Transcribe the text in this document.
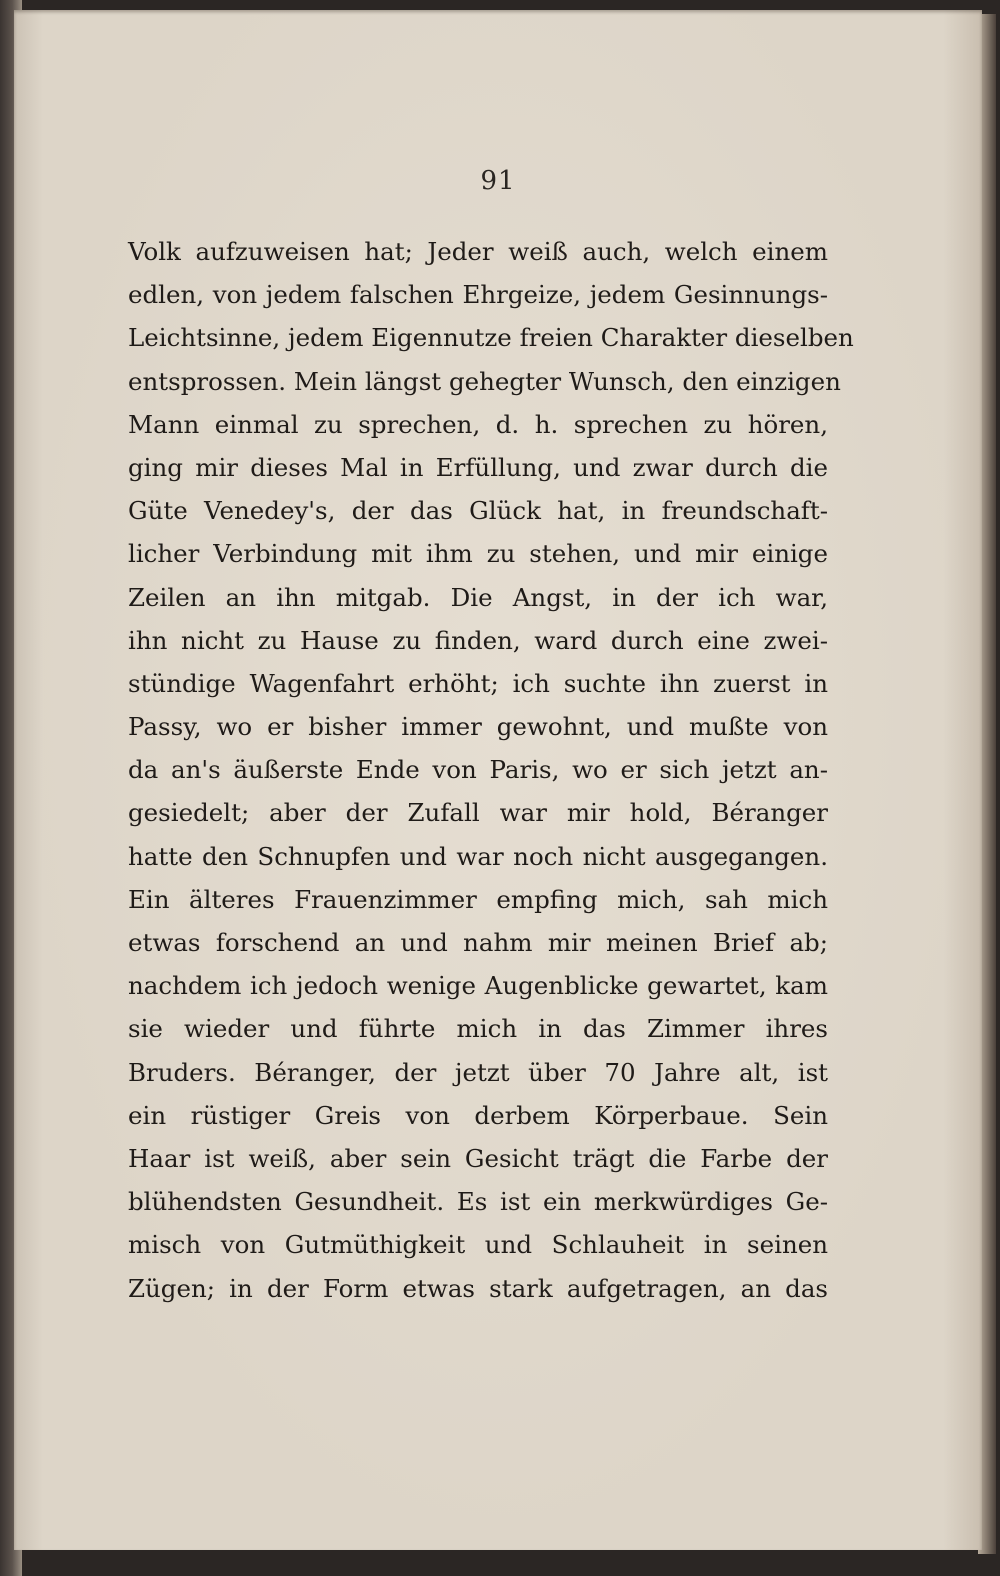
91
Volk aufzuweisen hat; Jeder weiß auch, welch einem
edlen, von jedem falschen Ehrgeize, jedem Gesinnungs-
Leichtsinne, jedem Eigennutze freien Charakter dieselben
entsprossen. Mein längst gehegter Wunsch, den einzigen
Mann einmal zu sprechen, d. h. sprechen zu hören,
ging mir dieses Mal in Erfüllung, und zwar durch die
Güte Venedey's, der das Glück hat, in freundschaft-
licher Verbindung mit ihm zu stehen, und mir einige
Zeilen an ihn mitgab. Die Angst, in der ich war,
ihn nicht zu Hause zu finden, ward durch eine zwei-
stündige Wagenfahrt erhöht; ich suchte ihn zuerst in
Passy, wo er bisher immer gewohnt, und mußte von
da an's äußerste Ende von Paris, wo er sich jetzt an-
gesiedelt; aber der Zufall war mir hold, Béranger
hatte den Schnupfen und war noch nicht ausgegangen.
Ein älteres Frauenzimmer empfing mich, sah mich
etwas forschend an und nahm mir meinen Brief ab;
nachdem ich jedoch wenige Augenblicke gewartet, kam
sie wieder und führte mich in das Zimmer ihres
Bruders. Béranger, der jetzt über 70 Jahre alt, ist
ein rüstiger Greis von derbem Körperbaue. Sein
Haar ist weiß, aber sein Gesicht trägt die Farbe der
blühendsten Gesundheit. Es ist ein merkwürdiges Ge-
misch von Gutmüthigkeit und Schlauheit in seinen
Zügen; in der Form etwas stark aufgetragen, an das
